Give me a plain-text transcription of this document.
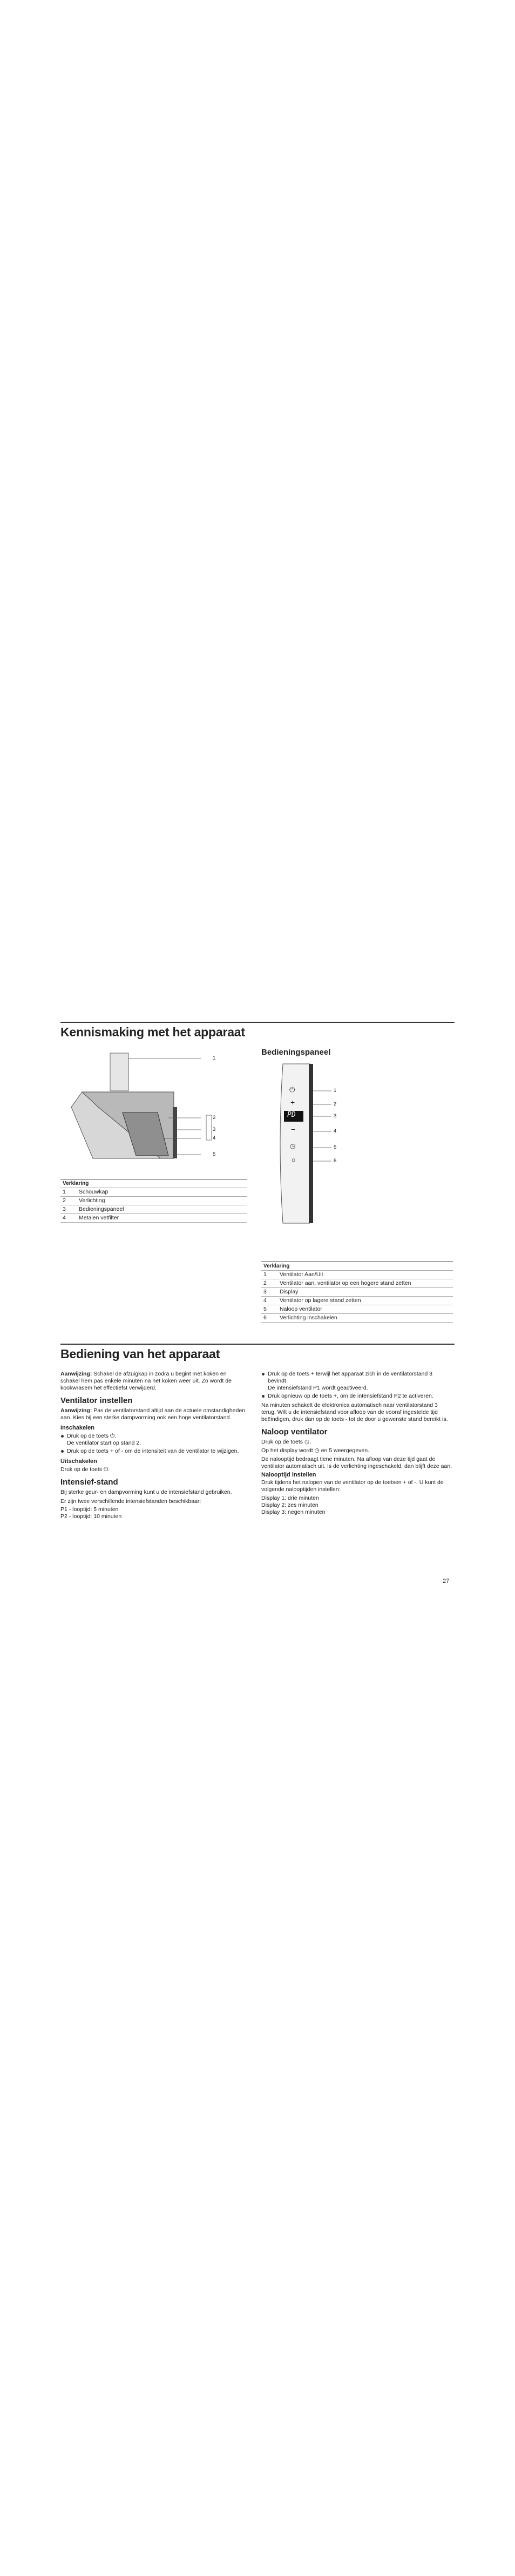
Kennismaking met het apparaat
1
2
3
4
5
Verklaring	
1	Schouwkap
2	Verlichting
3	Bedieningspaneel
4	Metalen vetfilter
Bedieningspaneel
⏻
+
PD
−
◷
☼
1
2
3
4
5
6
Verklaring	
1	Ventilator Aan/Uit
2	Ventilator aan, ventilator op een hogere stand zetten
3	Display
4	Ventilator op lagere stand zetten
5	Naloop ventilator
6	Verlichting inschakelen
Bediening van het apparaat

Aanwijzing: Schakel de afzuigkap in zodra u begint met koken en schakel hem pas enkele minuten na het koken weer uit. Zo wordt de kookwrasem het effectiefst verwijderd.

Ventilator instellen

Aanwijzing: Pas de ventilatorstand altijd aan de actuele omstandigheden aan. Kies bij een sterke dampvorming ook een hoge ventilatorstand.

Inschakelen

Druk op de toets ⏻.

De ventilator start op stand 2.

Druk op de toets + of - om de intensiteit van de ventilator te wijzigen.

Uitschakelen

Druk op de toets ⏻.

Intensief-stand

Bij sterke geur- en dampvorming kunt u de intensiefstand gebruiken.

Er zijn twee verschillende intensiefstanden beschikbaar:

P1 - looptijd: 5 minuten

P2 - looptijd: 10 minuten

Druk op de toets + terwijl het apparaat zich in de ventilatorstand 3 bevindt.

De intensiefstand P1 wordt geactiveerd.

Druk opnieuw op de toets +, om de intensiefstand P2 te activeren.

Na minuten schakelt de elektronica automatisch naar ventilatorstand 3 terug. Wilt u de intensiefstand voor afloop van de vooraf ingestelde tijd beëindigen, druk dan op de toets - tot de door u gewenste stand bereikt is.

Naloop ventilator

Druk op de toets ◷.

Op het display wordt ◷ en 5 weergegeven.

De nalooptijd bedraagt ​​tiene minuten. Na afloop van deze tijd gaat de ventilator automatisch uit. Is de verlichting ingeschakeld, dan blijft deze aan.

Nalooptijd instellen

Druk tijdens het nalopen van de ventilator op de toetsen + of -. U kunt de volgende nalooptijden instellen:

Display 1: drie minuten

Display 2: zes minuten

Display 3: negen minuten

27
